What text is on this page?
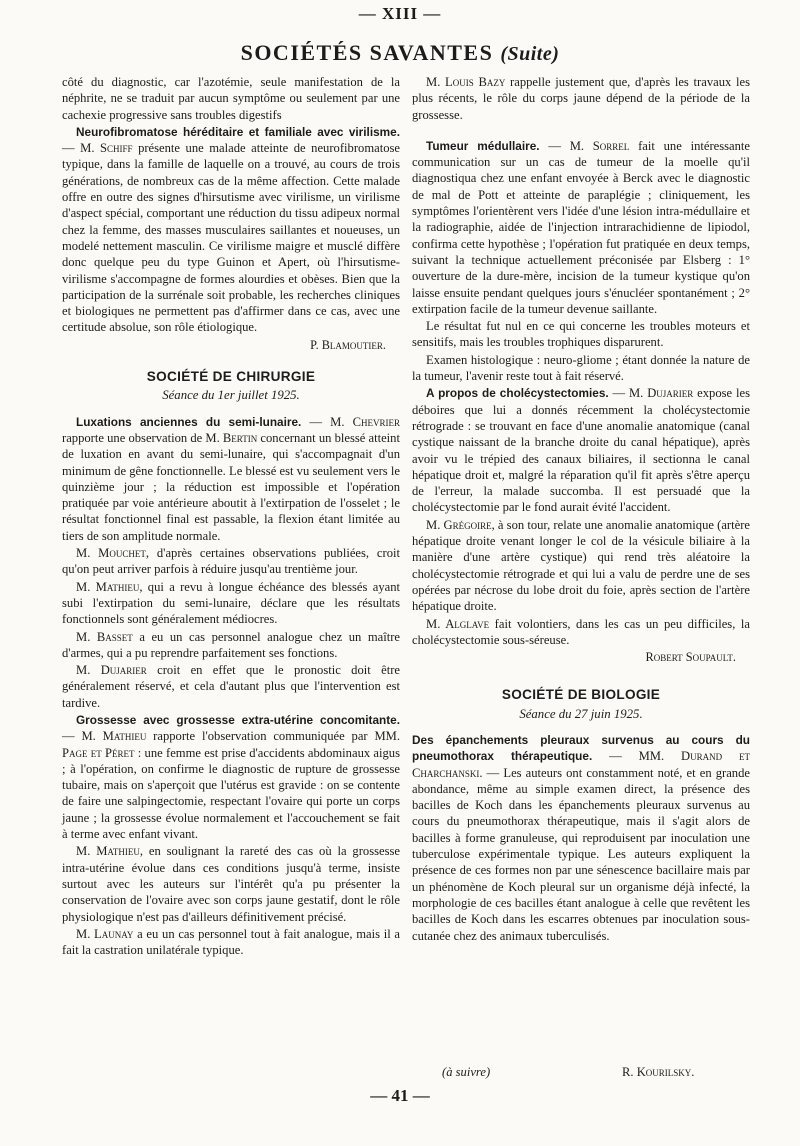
— XIII —
SOCIÉTÉS SAVANTES (Suite)

côté du diagnostic, car l'azotémie, seule manifestation de la néphrite, ne se traduit par aucun symptôme ou seulement par une cachexie progressive sans troubles digestifs

Neurofibromatose héréditaire et familiale avec virilisme. — M. Schiff présente une malade atteinte de neurofibromatose typique, dans la famille de laquelle on a trouvé, au cours de trois générations, de nombreux cas de la même affection. Cette malade offre en outre des signes d'hirsutisme avec virilisme, un virilisme d'aspect spécial, comportant une réduction du tissu adipeux normal chez la femme, des masses musculaires saillantes et noueuses, un modelé nettement masculin. Ce virilisme maigre et musclé diffère donc quelque peu du type Guinon et Apert, où l'hirsutisme-virilisme s'accompagne de formes alourdies et obèses. Bien que la participation de la surrénale soit probable, les recherches cliniques et biologiques ne permettent pas d'affirmer dans ce cas, avec une certitude absolue, son rôle étiologique.

P. Blamoutier.
SOCIÉTÉ DE CHIRURGIE
Séance du 1er juillet 1925.

Luxations anciennes du semi-lunaire. — M. Chevrier rapporte une observation de M. Bertin concernant un blessé atteint de luxation en avant du semi-lunaire, qui s'accompagnait d'un minimum de gêne fonctionnelle. Le blessé est vu seulement vers le quinzième jour ; la réduction est impossible et l'opération pratiquée par voie antérieure aboutit à l'extirpation de l'osselet ; le résultat fonctionnel final est passable, la flexion étant limitée au tiers de son amplitude normale.

M. Mouchet, d'après certaines observations publiées, croit qu'on peut arriver parfois à réduire jusqu'au trentième jour.

M. Mathieu, qui a revu à longue échéance des blessés ayant subi l'extirpation du semi-lunaire, déclare que les résultats fonctionnels sont généralement médiocres.

M. Basset a eu un cas personnel analogue chez un maître d'armes, qui a pu reprendre parfaitement ses fonctions.

M. Dujarier croit en effet que le pronostic doit être généralement réservé, et cela d'autant plus que l'intervention est tardive.

Grossesse avec grossesse extra-utérine concomitante. — M. Mathieu rapporte l'observation communiquée par MM. Page et Péret : une femme est prise d'accidents abdominaux aigus ; à l'opération, on confirme le diagnostic de rupture de grossesse tubaire, mais on s'aperçoit que l'utérus est gravide : on se contente de faire une salpingectomie, respectant l'ovaire qui porte un corps jaune ; la grossesse évolue normalement et l'accouchement se fait à terme avec enfant vivant.

M. Mathieu, en soulignant la rareté des cas où la grossesse intra-utérine évolue dans ces conditions jusqu'à terme, insiste surtout avec les auteurs sur l'intérêt qu'a pu présenter la conservation de l'ovaire avec son corps jaune gestatif, dont le rôle physiologique n'est pas d'ailleurs définitivement précisé.

M. Launay a eu un cas personnel tout à fait analogue, mais il a fait la castration unilatérale typique.

M. Louis Bazy rappelle justement que, d'après les travaux les plus récents, le rôle du corps jaune dépend de la période de la grossesse.

Tumeur médullaire. — M. Sorrel fait une intéressante communication sur un cas de tumeur de la moelle qu'il diagnostiqua chez une enfant envoyée à Berck avec le diagnostic de mal de Pott et atteinte de paraplégie ; cliniquement, les symptômes l'orientèrent vers l'idée d'une lésion intra-médullaire et la radiographie, aidée de l'injection intrarachidienne de lipiodol, confirma cette hypothèse ; l'opération fut pratiquée en deux temps, suivant la technique actuellement préconisée par Elsberg : 1° ouverture de la dure-mère, incision de la tumeur kystique qu'on laisse ensuite pendant quelques jours s'énucléer spontanément ; 2° extirpation facile de la tumeur devenue saillante.

Le résultat fut nul en ce qui concerne les troubles moteurs et sensitifs, mais les troubles trophiques disparurent.

Examen histologique : neuro-gliome ; étant donnée la nature de la tumeur, l'avenir reste tout à fait réservé.

A propos de cholécystectomies. — M. Dujarier expose les déboires que lui a donnés récemment la cholécystectomie rétrograde : se trouvant en face d'une anomalie anatomique (canal cystique naissant de la branche droite du canal hépatique), après avoir vu le trépied des canaux biliaires, il sectionna le canal hépatique droit et, malgré la réparation qu'il fit après s'être aperçu de l'erreur, la malade succomba. Il est persuadé que la cholécystectomie par le fond aurait évité l'accident.

M. Grégoire, à son tour, relate une anomalie anatomique (artère hépatique droite venant longer le col de la vésicule biliaire à la manière d'une artère cystique) qui rend très aléatoire la cholécystectomie rétrograde et qui lui a valu de perdre une de ses opérées par nécrose du lobe droit du foie, après section de l'artère hépatique droite.

M. Alglave fait volontiers, dans les cas un peu difficiles, la cholécystectomie sous-séreuse.

Robert Soupault.
SOCIÉTÉ DE BIOLOGIE
Séance du 27 juin 1925.

Des épanchements pleuraux survenus au cours du pneumothorax thérapeutique. — MM. Durand et Charchanski. — Les auteurs ont constamment noté, et en grande abondance, même au simple examen direct, la présence des bacilles de Koch dans les épanchements pleuraux survenus au cours du pneumothorax thérapeutique, mais il s'agit alors de bacilles à forme granuleuse, qui reproduisent par inoculation une tuberculose expérimentale typique. Les auteurs expliquent la présence de ces formes non par une sénescence bacillaire mais par un phénomène de Koch pleural sur un organisme déjà infecté, la morphologie de ces bacilles étant analogue à celle que revêtent les bacilles de Koch dans les escarres obtenues par inoculation sous-cutanée chez des animaux tuberculisés.

(à suivre)	R. Kourilsky.
— 41 —
